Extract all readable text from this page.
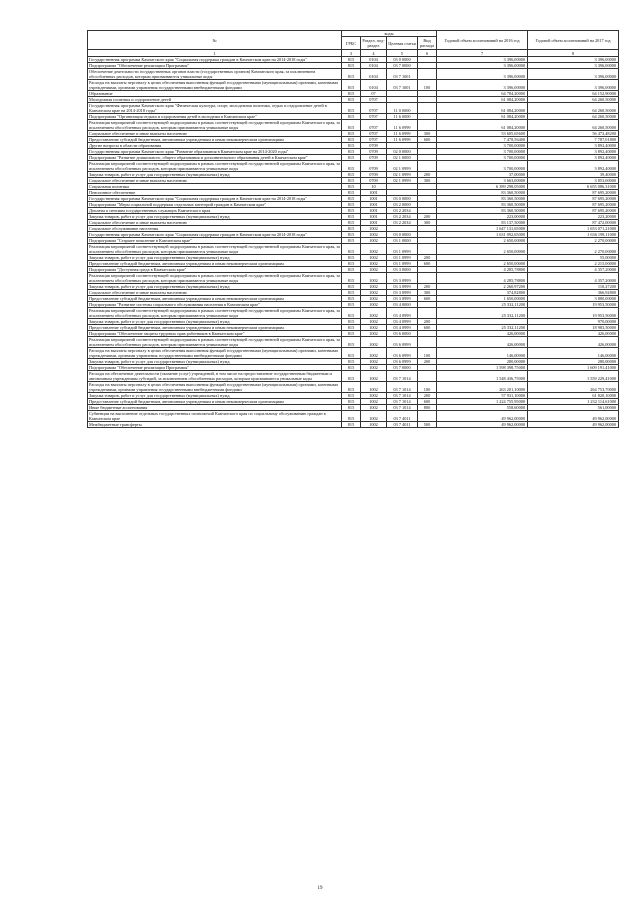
№	коды				Годовой объем ассигнований на 2016 год	Годовой объем ассигнований на 2017 год
	ГРБС	Раздел, под-раздел	Целевая статья	Вид расхода		
1	3	4	5	6	7	8
Государственная программа Камчатского края "Социальная поддержка граждан в Камчатском крае на 2014-2018 годы"	815	0104	03 0 0000		3 396,00000	3 396,00000
Подпрограмма "Обеспечение реализации Программы"	815	0104	03 7 0000		3 396,00000	3 396,00000
Обеспечение деятельности государственных органов власти (государственных органов) Камчатского края, за исключением обособленных расходов, которым присваиваются уникальные коды	815	0104	03 7 1001		3 396,00000	3 396,00000
Расходы на выплаты персоналу в целях обеспечения выполнения функций государственными (муниципальными) органами, казенными учреждениями, органами управления государственными внебюджетными фондами	815	0104	03 7 1001	100	3 396,00000	3 396,00000
Образование	815	07			64 784,20000	64 152,90000
Молодежная политика и оздоровление детей	815	0707			61 084,20000	64 260,50000
Государственная программа Камчатского края "Физическая культура, спорт, молодежная политика, отдых и оздоровление детей в Камчатском крае на 2014-2018 годы"	815	0707	11 0 0000		61 084,20000	64 260,50000
Подпрограмма "Организация отдыха и оздоровления детей в молодежи в Камчатском крае"	815	0707	11 6 0000		61 084,20000	64 260,50000
Реализация мероприятий соответствующей подпрограммы в рамках соответствующей государственной программы Камчатского края, за исключением обособленных расходов, которым присваиваются уникальные коды	815	0707	11 6 0999		61 084,20000	64 260,50000
Социальное обеспечение и иные выплаты населению	815	0707	11 6 0999	300	53 605,65600	56 473,48200
Предоставление субсидий бюджетным, автономным учреждениям и иным некоммерческим организациям	815	0707	11 6 0999	600	7 478,56400	7 787,01800
Другие вопросы в области образования	815	0709			3 700,00000	3 892,40000
Государственная программа Камчатского края "Развитие образования в Камчатском крае на 2014-2020 годы"	815	0709	02 0 0000		3 700,00000	3 892,40000
Подпрограмма "Развитие дошкольного, общего образования и дополнительного образования детей в Камчатском крае"	815	0709	02 1 0000		3 700,00000	3 892,40000
Реализация мероприятий соответствующей подпрограммы в рамках соответствующей государственной программы Камчатского края, за исключением обособленных расходов, которым присваиваются уникальные коды	815	0709	02 1 0999		3 700,00000	3 892,40000
Закупка товаров, работ и услуг для государственных (муниципальных) нужд	815	0709	02 1 0999	200	37,00000	39,40000
Социальное обеспечение и иные выплаты населению	815	0709	02 1 0999	300	3 663,00000	3 853,00000
Социальная политика	815	10			6 389 298,05000	6 655 086,31000
Пенсионное обеспечение	815	1001			83 360,50000	87 695,20000
Государственная программа Камчатского края "Социальная поддержка граждан в Камчатском крае на 2014-2018 годы"	815	1001	03 0 0000		83 360,50000	87 695,20000
Подпрограмма "Меры социальной поддержки отдельных категорий граждан в Камчатском крае"	815	1001	03 2 0000		83 360,50000	87 695,20000
Доплаты к пенсиям государственных служащих Камчатского края	815	1001	03 2 2034		83 360,50000	87 695,20000
Закупка товаров, работ и услуг для государственных (муниципальных) нужд	815	1001	03 2 2034	200	223,00000	223,20000
Социальное обеспечение и иные выплаты населению	815	1001	03 2 2034	300	83 137,50000	87 472,00000
Социальное обслуживание населения	815	1002			1 647 131,65000	1 653 071,21000
Государственная программа Камчатского края "Социальная поддержка граждан в Камчатском крае на 2014-2018 годы"	815	1002	03 0 0000		1 631 092,65000	1 636 198,11000
Подпрограмма "Старшее поколение в Камчатском крае"	815	1002	03 1 0000		2 650,00000	2 270,00000
Реализация мероприятий соответствующей подпрограммы в рамках соответствующей государственной программы Камчатского края, за исключением обособленных расходов, которым присваиваются уникальные коды	815	1002	03 1 0999		2 650,00000	2 270,00000
Закупка товаров, работ и услуг для государственных (муниципальных) нужд	815	1002	03 1 0999	200		55,00000
Предоставление субсидий бюджетным, автономным учреждениям и иным некоммерческим организациям	815	1002	03 1 0999	600	2 650,00000	2 215,00000
Подпрограмма "Доступная среда в Камчатском крае"	815	1002	03 3 0000		4 285,78800	4 357,20000
Реализация мероприятий соответствующей подпрограммы в рамках соответствующей государственной программы Камчатского края, за исключением обособленных расходов, которым присваиваются уникальные коды	815	1002	03 3 0999		4 285,78800	4 357,20000
Закупка товаров, работ и услуг для государственных (муниципальных) нужд	815	1002	03 3 0999	200	2 260,97200	110,27200
Социальное обеспечение и иные выплаты населению	815	1002	03 3 0999	300	374,82800	366,92800
Предоставление субсидий бюджетным, автономным учреждениям и иным некоммерческим организациям	815	1002	03 3 0999	600	1 650,00000	3 880,00000
Подпрограмма "Развитие системы социального обслуживания населения в Камчатском крае"	815	1002	03 4 0000		25 332,11200	19 953,50000
Реализация мероприятий соответствующей подпрограммы в рамках соответствующей государственной программы Камчатского края, за исключением обособленных расходов, которым присваиваются уникальные коды	815	1002	03 4 0999		25 332,11200	19 953,50000
Закупка товаров, работ и услуг для государственных (муниципальных) нужд	815	1002	03 4 0999	200		970,00000
Предоставление субсидий бюджетным, автономным учреждениям и иным некоммерческим организациям	815	1002	03 4 0999	600	25 332,11200	18 983,50000
Подпрограмма "Обеспечение защиты трудовых прав работников в Камчатском крае"	815	1002	03 6 0000		426,00000	426,00000
Реализация мероприятий соответствующей подпрограммы в рамках соответствующей государственной программы Камчатского края, за исключением обособленных расходов, которым присваиваются уникальные коды	815	1002	03 6 0999		426,00000	426,00000
Расходы на выплаты персоналу в целях обеспечения выполнения функций государственными (муниципальными) органами, казенными учреждениями, органами управления государственными внебюджетными фондами	815	1002	03 6 0999	100	146,00000	146,00000
Закупка товаров, работ и услуг для государственных (муниципальных) нужд	815	1002	03 6 0999	200	280,00000	280,00000
Подпрограмма "Обеспечение реализации Программы"	815	1002	03 7 0000		1 598 398,75000	1 609 191,41000
Расходы на обеспечение деятельности (оказание услуг) учреждений, в том числе на предоставление государственным бюджетным и автономным учреждениям субсидий, за исключением обособленных расходов, которым присваиваются уникальные коды	815	1002	03 7 1014		1 548 436,75000	1 559 229,41000
Расходы на выплаты персоналу в целях обеспечения выполнения функций государственными (муниципальными) органами, казенными учреждениями, органами управления государственными внебюджетными фондами	815	1002	03 7 1014	100	263 201,10000	264 753,70000
Закупка товаров, работ и услуг для государственных (муниципальных) нужд	815	1002	03 7 1014	200	57 931,10000	61 820,10000
Предоставление субсидий бюджетным, автономным учреждениям и иным некоммерческим организациям	815	1002	03 7 1014	600	1 224 755,95000	1 232 114,61000
Иные бюджетные ассигнования	815	1002	03 7 1014	800	558,60000	561,00000
Субвенции на выполнение отдельных государственных полномочий Камчатского края по социальному обслуживанию граждан в Камчатском крае	815	1002	03 7 4011		49 962,00000	49 962,00000
Межбюджетные трансферты	815	1002	03 7 4011	500	49 962,00000	49 962,00000
19
